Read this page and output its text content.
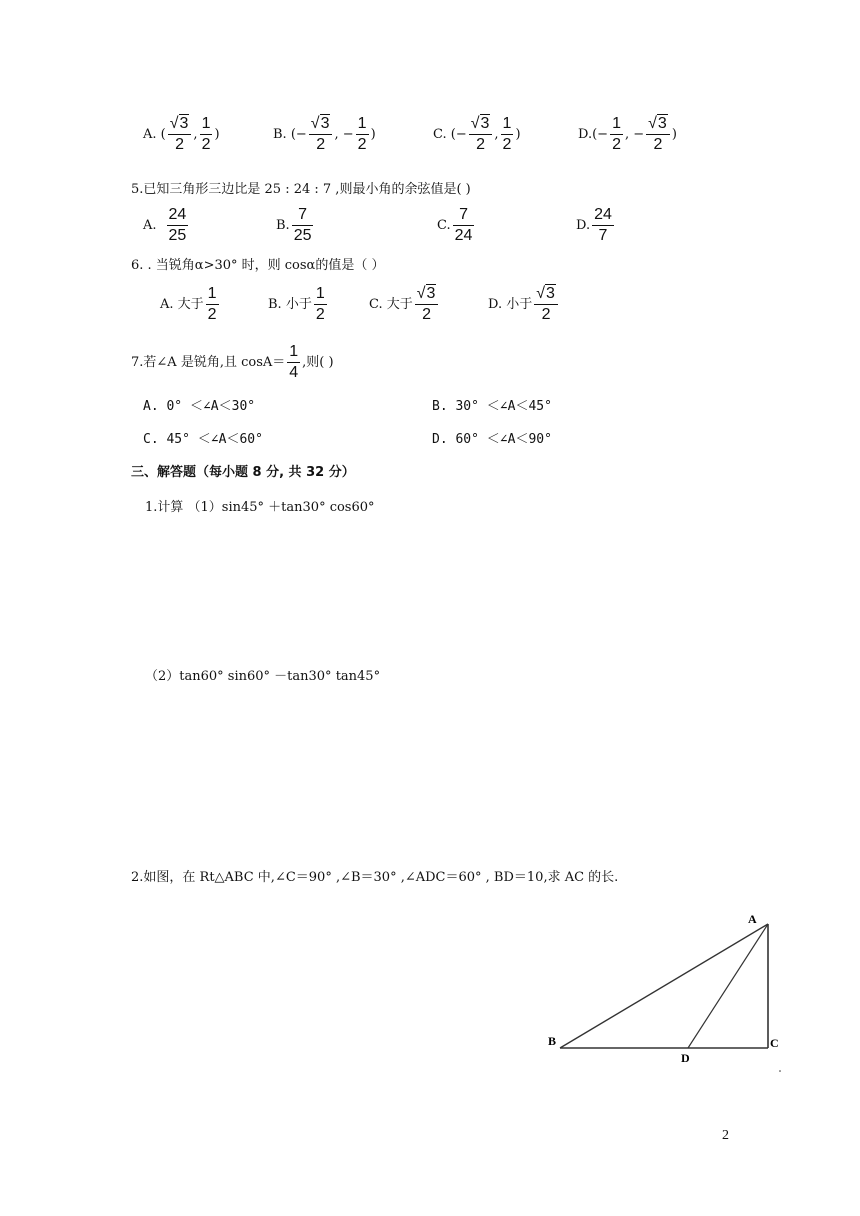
A. ( $\frac{√3}{2}$ , $\frac{1}{2}$ )	B. (− $\frac{√3}{2}$ , − $\frac{1}{2}$ )	C. (− $\frac{√3}{2}$ , $\frac{1}{2}$ )	$D.(- \frac{1}{2}$ , − $\frac{√3}{2}$ )
5.已知三角形三边比是 25 : 24 : 7 ,则最小角的余弦值是( )
A. $\frac{24}{25}$	B. $\frac{7}{25}$	C. $\frac{7}{24}$	D. $\frac{24}{7}$
6. . 当锐角α>30° 时，则 cosα的值是（ ）
A. 大于 $\frac{1}{2}$	B. 小于 $\frac{1}{2}$	C. 大于 $\frac{√3}{2}$	D. 小于 $\frac{√3}{2}$
7.若∠A 是锐角,且 $\cos A= \frac{1}{4}$ ,则( )
A. 0° ＜∠A＜30°	B. 30° ＜∠A＜45°
C. 45° ＜∠A＜60°	D. 60° ＜∠A＜90°
三、解答题（每小题 8 分, 共 32 分）
1.计算 （1）sin45° ＋tan30° cos60°
（2）tan60° sin60° －tan30° tan45°
2.如图，在 Rt△ABC 中,∠C＝90° ,∠B＝30° ,∠ADC＝60° , BD＝10,求 AC 的长.
A
B	C
D
2
